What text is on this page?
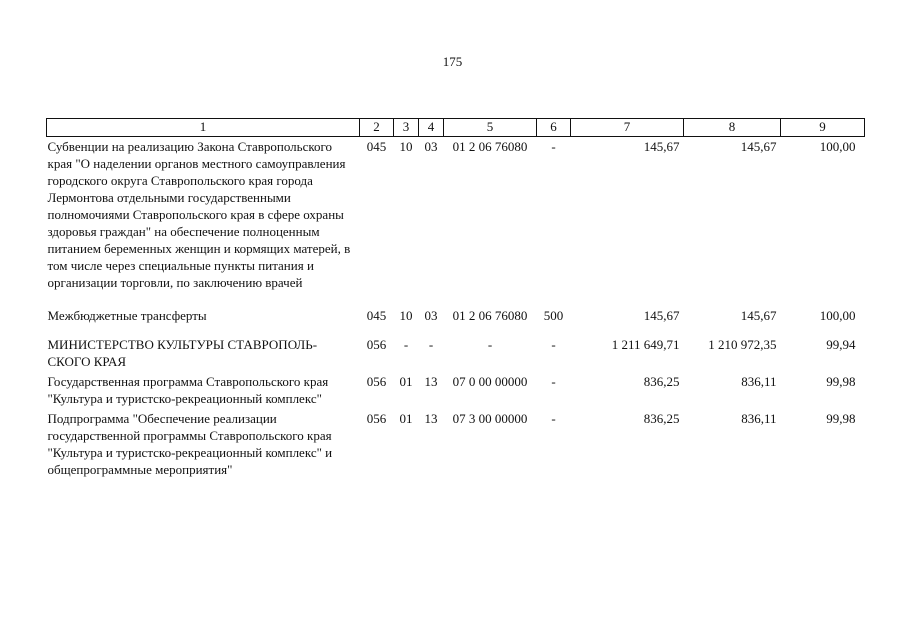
175
1	2	3	4	5	6	7	8	9
Субвенции на реализацию Закона Ставропольского края "О наделении органов местного самоуправления городского округа Ставропольского края города Лермонтова отдельными государственными полномочиями Ставропольского края в сфере охраны здоровья граждан" на обеспечение полноценным питанием беременных женщин и кормящих матерей, в том числе через специальные пункты питания и организации торговли, по заключению врачей	045	10	03	01 2 06 76080	-	145,67	145,67	100,00
Межбюджетные трансферты	045	10	03	01 2 06 76080	500	145,67	145,67	100,00
МИНИСТЕРСТВО КУЛЬТУРЫ СТАВРОПОЛЬ-СКОГО КРАЯ	056	-	-	-	-	1 211 649,71	1 210 972,35	99,94
Государственная программа Ставропольского края "Культура и туристско-рекреационный комплекс"	056	01	13	07 0 00 00000	-	836,25	836,11	99,98
Подпрограмма "Обеспечение реализации государственной программы Ставропольского края "Культура и туристско-рекреационный комплекс" и общепрограммные мероприятия"	056	01	13	07 3 00 00000	-	836,25	836,11	99,98
